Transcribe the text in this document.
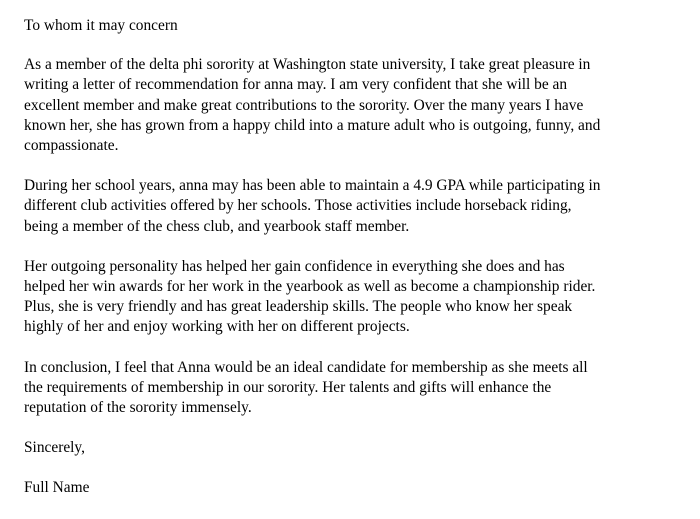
To whom it may concern
As a member of the delta phi sorority at Washington state university, I take great pleasure in
writing a letter of recommendation for anna may. I am very confident that she will be an
excellent member and make great contributions to the sorority. Over the many years I have
known her, she has grown from a happy child into a mature adult who is outgoing, funny, and
compassionate.
During her school years, anna may has been able to maintain a 4.9 GPA while participating in
different club activities offered by her schools. Those activities include horseback riding,
being a member of the chess club, and yearbook staff member.
Her outgoing personality has helped her gain confidence in everything she does and has
helped her win awards for her work in the yearbook as well as become a championship rider.
Plus, she is very friendly and has great leadership skills. The people who know her speak
highly of her and enjoy working with her on different projects.
In conclusion, I feel that Anna would be an ideal candidate for membership as she meets all
the requirements of membership in our sorority. Her talents and gifts will enhance the
reputation of the sorority immensely.
Sincerely,
Full Name
